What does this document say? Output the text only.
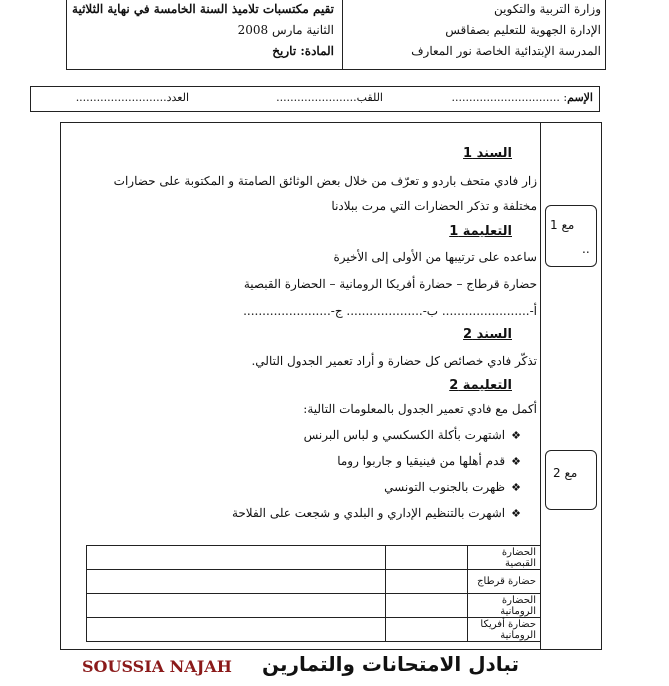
وزارة التربية والتكوين
الإدارة الجهوية للتعليم بصفاقس
المدرسة الإبتدائية الخاصة نور المعارف
تقيم مكتسبات تلاميذ السنة الخامسة في نهاية الثلاثية
الثانية مارس 2008
المادة: تاريخ
الإسم: ...............................
اللقب.......................
العدد..........................
مع 1
..
مع 2
السند 1
زار فادي متحف باردو و تعرّف من خلال بعض الوثائق الصامتة و المكتوبة على حضارات
مختلفة و تذكر الحضارات التي مرت ببلادنا
التعليمة 1
ساعده على ترتيبها من الأولى إلى الأخيرة
حضارة قرطاج – حضارة أفريكا الرومانية – الحضارة القبصية
أ-....................... ب-.................... ج-.......................
السند 2
تذكّر فادي خصائص كل حضارة و أراد تعمير الجدول التالي.
التعليمة 2
أكمل مع فادي تعمير الجدول بالمعلومات التالية:
❖اشتهرت بأكلة الكسكسي و لباس البرنس
❖قدم أهلها من فينيقيا و جاربوا روما
❖ظهرت بالجنوب التونسي
❖اشهرت بالتنظيم الإداري و البلدي و شجعت على الفلاحة
		الحضارة القبصية
		حضارة قرطاج
		الحضارة الرومانية
		حضارة أفريكا الرومانية
SOUSSIA NAJAH تبادل الامتحانات والتمارين
